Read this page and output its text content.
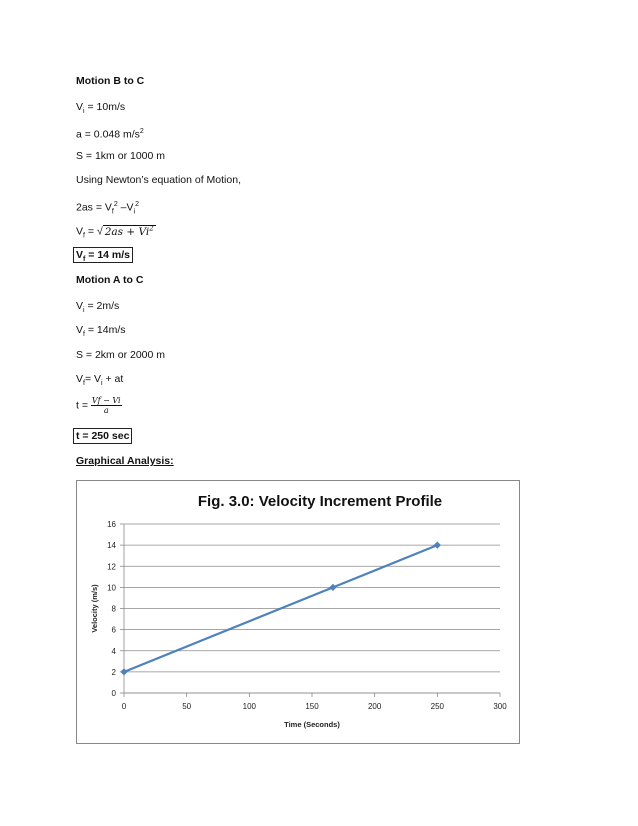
Motion B to C
$V_i = 10m/s$
a = 0.048 $m/s^2$
S = 1km or 1000 m
Using Newton’s equation of Motion,
$2as = V_f^2$ $-V_i^2$
$V_f$ = √ $2as + Vi^2$
$V_f = 14$ m/s
Motion A to C
$V_i = 2m/s$
$V_f = 14m/s$
S = 2km or 2000 m
$V_f= V_i$ + at
$t = \frac{Vf - Vi}{a}$
t = 250 sec
Graphical Analysis:
Fig. 3.0: Velocity Increment Profile
0
2
4
6
8
10
12
14
16
0	50	100	150	200	250	300
Time (Seconds)
Velocity (m/s)
